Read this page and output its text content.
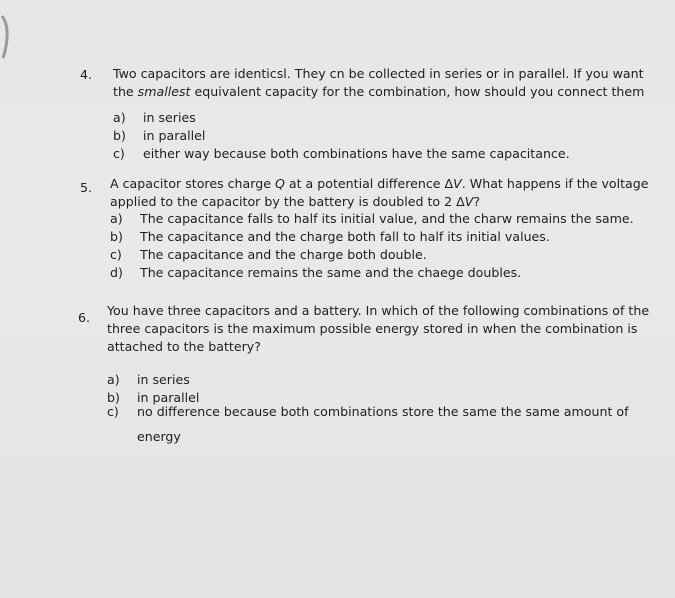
4. Two capacitors are identicsl. They cn be collected in series or in parallel. If you want
the smallest equivalent capacity for the combination, how should you connect them
a) in series
b) in parallel
c) either way because both combinations have the same capacitance.
5. A capacitor stores charge Q at a potential difference ΔV. What happens if the voltage
applied to the capacitor by the battery is doubled to 2 ΔV?
a) The capacitance falls to half its initial value, and the charw remains the same.
b) The capacitance and the charge both fall to half its initial values.
c) The capacitance and the charge both double.
d) The capacitance remains the same and the chaege doubles.
6. You have three capacitors and a battery. In which of the following combinations of the
three capacitors is the maximum possible energy stored in when the combination is
attached to the battery?
a) in series
b) in parallel
c) no difference because both combinations store the same the same amount of
energy
